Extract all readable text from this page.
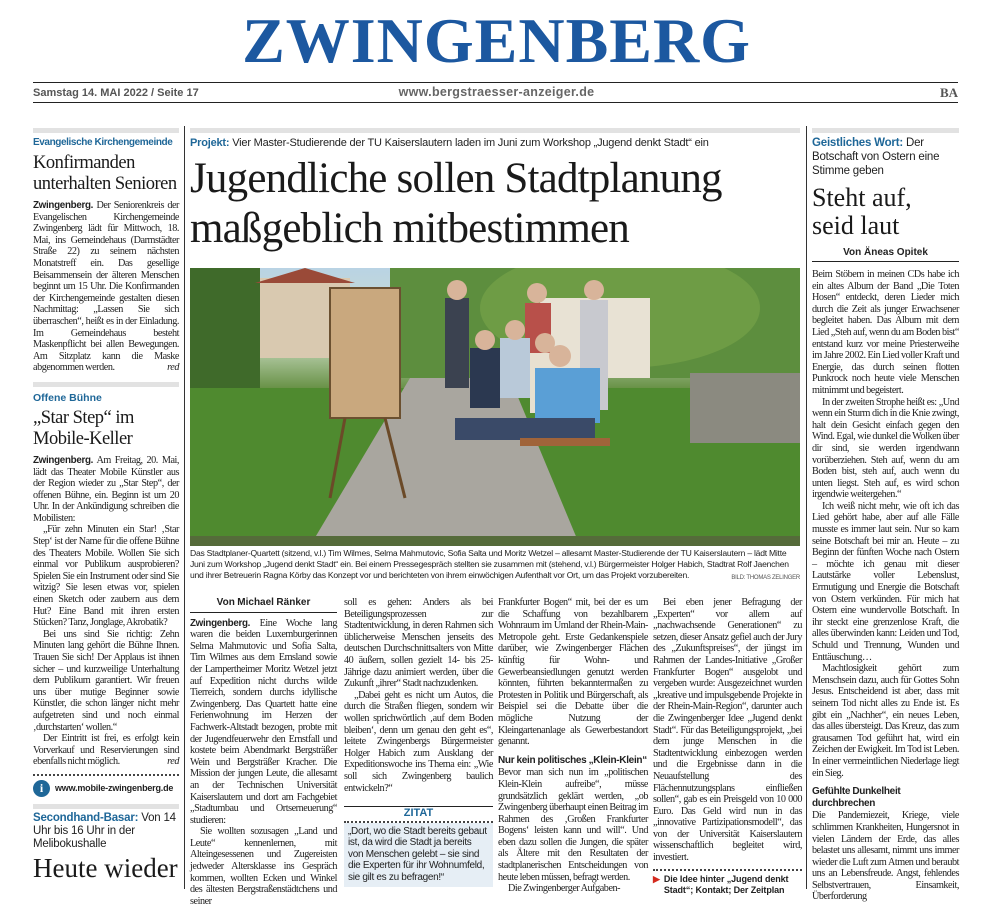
ZWINGENBERG
Samstag 14. MAI 2022 / Seite 17	www.bergstraesser-anzeiger.de	BA
Evangelische Kirchengemeinde
Konfirmanden unterhalten Senioren

Zwingenberg. Der Seniorenkreis der Evangelischen Kirchengemeinde Zwingenberg lädt für Mittwoch, 18. Mai, ins Gemeindehaus (Darmstädter Straße 22) zu seinem nächsten Monatstreff ein. Das gesellige Beisammensein der älteren Menschen beginnt um 15 Uhr. Die Konfirmanden der Kirchengemeinde gestalten diesen Nachmittag: „Lassen Sie sich überraschen“, heißt es in der Einladung. Im Gemeindehaus besteht Maskenpflicht bei allen Bewegungen. Am Sitzplatz kann die Maske abgenommen werden.	red

Offene Bühne
„Star Step“ im Mobile-Keller

Zwingenberg. Am Freitag, 20. Mai, lädt das Theater Mobile Künstler aus der Region wieder zu „Star Step“, der offenen Bühne, ein. Beginn ist um 20 Uhr. In der Ankündigung schreiben die Mobilisten:

„Für zehn Minuten ein Star! ‚Star Step‘ ist der Name für die offene Bühne des Theaters Mobile. Wollen Sie sich einmal vor Publikum ausprobieren? Spielen Sie ein Instrument oder sind Sie witzig? Sie lesen etwas vor, spielen einen Sketch oder zaubern aus dem Hut? Eine Band mit ihren ersten Stücken? Tanz, Jonglage, Akrobatik?

Bei uns sind Sie richtig: Zehn Minuten lang gehört die Bühne Ihnen. Trauen Sie sich! Der Applaus ist ihnen sicher – und kurzweilige Unterhaltung dem Publikum garantiert. Wir freuen uns über mutige Beginner sowie Künstler, die schon länger nicht mehr aufgetreten sind und noch einmal ‚durchstarten‘ wollen.“

Der Eintritt ist frei, es erfolgt kein Vorverkauf und Reservierungen sind ebenfalls nicht möglich.	red

i	www.mobile-zwingenberg.de
Secondhand-Basar: Von 14 Uhr bis 16 Uhr in der Melibokushalle
Heute wieder
Projekt: Vier Master-Studierende der TU Kaiserslautern laden im Juni zum Workshop „Jugend denkt Stadt“ ein
Jugendliche sollen Stadtplanung
maßgeblich mitbestimmen
Das Stadtplaner-Quartett (sitzend, v.l.) Tim Wilmes, Selma Mahmutovic, Sofia Salta und Moritz Wetzel – allesamt Master-Studierende der TU Kaiserslautern – lädt Mitte Juni zum Workshop „Jugend denkt Stadt“ ein. Bei einem Pressegespräch stellten sie zusammen mit (stehend, v.l.) Bürgermeister Holger Habich, Stadtrat Rolf Jaenchen und ihrer Betreuerin Ragna Körby das Konzept vor und berichteten von ihrem einwöchigen Aufenthalt vor Ort, um das Projekt vorzubereiten.	BILD: THOMAS ZELINGER
Von Michael Ränker

Zwingenberg. Eine Woche lang waren die beiden Luxemburgerinnen Selma Mahmutovic und Sofia Salta, Tim Wilmes aus dem Emsland sowie der Lampertheimer Moritz Wetzel jetzt auf Expedition nicht durchs wilde Tierreich, sondern durchs idyllische Zwingenberg. Das Quartett hatte eine Ferienwohnung im Herzen der Fachwerk-Altstadt bezogen, probte mit der Jugendfeuerwehr den Ernstfall und kostete beim Abendmarkt Bergsträßer Wein und Bergsträßer Kracher. Die Mission der jungen Leute, die allesamt an der Technischen Universität Kaiserslautern und dort am Fachgebiet „Stadtumbau und Ortserneuerung“ studieren:

Sie wollten sozusagen „Land und Leute“ kennenlernen, mit Alteingesessenen und Zugereisten jedweder Altersklasse ins Gespräch kommen, wollten Ecken und Winkel des ältesten Bergstraßenstädtchens und seiner

soll es gehen: Anders als bei Beteiligungsprozessen zur Stadtentwicklung, in deren Rahmen sich üblicherweise Menschen jenseits des deutschen Durchschnittsalters von Mitte 40 äußern, sollen gezielt 14- bis 25-Jährige dazu animiert werden, über die Zukunft „ihrer“ Stadt nachzudenken.

„Dabei geht es nicht um Autos, die durch die Straßen fliegen, sondern wir wollen sprichwörtlich ‚auf dem Boden bleiben‘, denn um genau den geht es“, leitete Zwingenbergs Bürgermeister Holger Habich zum Ausklang der Expeditionswoche ins Thema ein: „Wie soll sich Zwingenberg baulich entwickeln?“

ZITAT
„Dort, wo die Stadt bereits gebaut ist, da wird die Stadt ja bereits von Menschen gelebt – sie sind die Experten für ihr Wohnumfeld, sie gilt es zu befragen!“

Frankfurter Bogen“ mit, bei der es um die Schaffung von bezahlbarem Wohnraum im Umland der Rhein-Main-Metropole geht. Erste Gedankenspiele darüber, wie Zwingenberger Flächen künftig für Wohn- und Gewerbeansiedlungen genutzt werden könnten, führten bekanntermaßen zu Protesten in Politik und Bürgerschaft, als Beispiel sei die Debatte über die mögliche Nutzung der Kleingartenanlage als Gewerbestandort genannt.

Nur kein politisches „Klein-Klein“

Bevor man sich nun im „politischen Klein-Klein aufreibe“, müsse grundsätzlich geklärt werden, „ob Zwingenberg überhaupt einen Beitrag im Rahmen des ‚Großen Frankfurter Bogens‘ leisten kann und will“. Und eben dazu sollen die Jungen, die später als Ältere mit den Resultaten der stadtplanerischen Entscheidungen von heute leben müssen, befragt werden.

Die Zwingenberger Aufgaben-

Bei eben jener Befragung der „Experten“ vor allem auf „nachwachsende Generationen“ zu setzen, dieser Ansatz gefiel auch der Jury des „Zukunftspreises“, der jüngst im Rahmen der Landes-Initiative „Großer Frankfurter Bogen“ ausgelobt und vergeben wurde: Ausgezeichnet wurden „kreative und impulsgebende Projekte in der Rhein-Main-Region“, darunter auch die Zwingenberger Idee „Jugend denkt Stadt“. Für das Beteiligungsprojekt, „bei dem junge Menschen in die Stadtentwicklung einbezogen werden und die Ergebnisse dann in die Neuaufstellung des Flächennutzungsplans einfließen sollen“, gab es ein Preisgeld von 10 000 Euro. Das Geld wird nun in das „innovative Partizipationsmodell“, das von der Universität Kaiserslautern wissenschaftlich begleitet wird, investiert.

▶ Die Idee hinter „Jugend denkt Stadt“; Kontakt; Der Zeitplan
Geistliches Wort: Der Botschaft von Ostern eine Stimme geben
Steht auf, seid laut
Von Äneas Opitek

Beim Stöbern in meinen CDs habe ich ein altes Album der Band „Die Toten Hosen“ entdeckt, deren Lieder mich durch die Zeit als junger Erwachsener begleitet haben. Das Album mit dem Lied „Steh auf, wenn du am Boden bist“ entstand kurz vor meine Priesterweihe im Jahre 2002. Ein Lied voller Kraft und Energie, das durch seinen flotten Punkrock noch heute viele Menschen mitnimmt und begeistert.

In der zweiten Strophe heißt es: „Und wenn ein Sturm dich in die Knie zwingt, halt dein Gesicht einfach gegen den Wind. Egal, wie dunkel die Wolken über dir sind, sie werden irgendwann vorüberziehen. Steh auf, wenn du am Boden bist, steh auf, auch wenn du unten liegst. Steh auf, es wird schon irgendwie weitergehen.“

Ich weiß nicht mehr, wie oft ich das Lied gehört habe, aber auf alle Fälle musste es immer laut sein. Nur so kam seine Botschaft bei mir an. Heute – zu Beginn der fünften Woche nach Ostern – möchte ich genau mit dieser Lautstärke voller Lebenslust, Ermutigung und Energie die Botschaft von Ostern verkünden. Für mich hat Ostern eine wundervolle Botschaft. In ihr steckt eine grenzenlose Kraft, die alles überwinden kann: Leiden und Tod, Schuld und Trennung, Wunden und Enttäuschung…

Machtlosigkeit gehört zum Menschsein dazu, auch für Gottes Sohn Jesus. Entscheidend ist aber, dass mit seinem Tod nicht alles zu Ende ist. Es gibt ein „Nachher“, ein neues Leben, das alles übersteigt. Das Kreuz, das zum grausamen Tod geführt hat, wird ein Zeichen der Ewigkeit. Im Tod ist Leben. In einer vermeintlichen Niederlage liegt ein Sieg.

Gefühlte Dunkelheit durchbrechen

Die Pandemiezeit, Kriege, viele schlimmen Krankheiten, Hungersnot in vielen Ländern der Erde, das alles belastet uns allesamt, nimmt uns immer wieder die Luft zum Atmen und beraubt uns an Lebensfreude. Angst, fehlendes Selbstvertrauen, Einsamkeit, Überforderung
